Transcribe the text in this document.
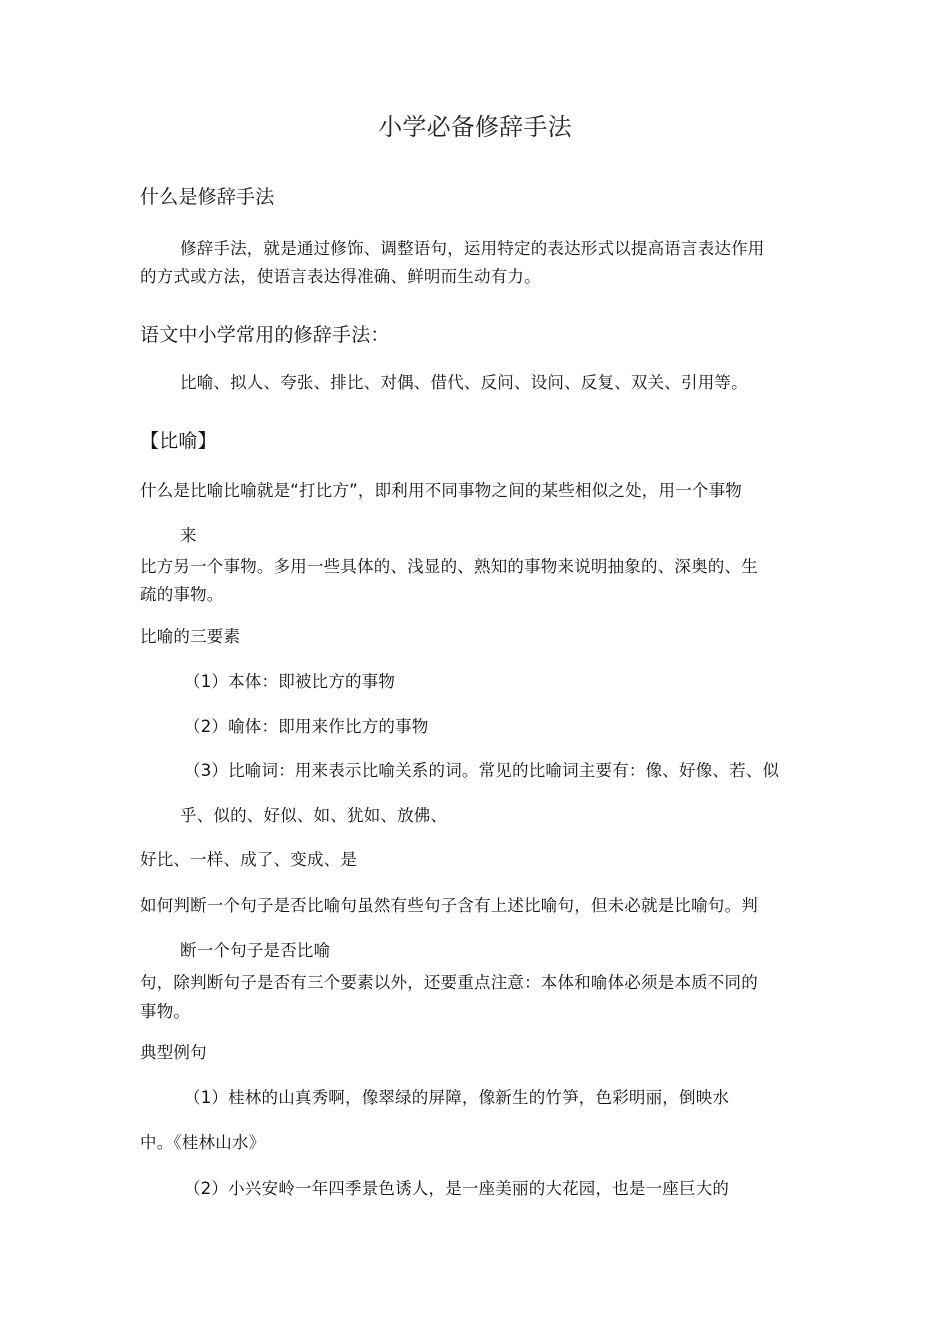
小学必备修辞手法
什么是修辞手法
修辞手法，就是通过修饰、调整语句，运用特定的表达形式以提高语言表达作用
的方式或方法，使语言表达得准确、鲜明而生动有力。
语文中小学常用的修辞手法：
比喻、拟人、夸张、排比、对偶、借代、反问、设问、反复、双关、引用等。
【比喻】
什么是比喻比喻就是“打比方”，即利用不同事物之间的某些相似之处，用一个事物
来
比方另一个事物。多用一些具体的、浅显的、熟知的事物来说明抽象的、深奥的、生
疏的事物。
比喻的三要素
（1）本体：即被比方的事物
（2）喻体：即用来作比方的事物
（3）比喻词：用来表示比喻关系的词。常见的比喻词主要有：像、好像、若、似
乎、似的、好似、如、犹如、放佛、
好比、一样、成了、变成、是
如何判断一个句子是否比喻句虽然有些句子含有上述比喻句，但未必就是比喻句。判
断一个句子是否比喻
句，除判断句子是否有三个要素以外，还要重点注意：本体和喻体必须是本质不同的
事物。
典型例句
（1）桂林的山真秀啊，像翠绿的屏障，像新生的竹笋，色彩明丽，倒映水
中。《桂林山水》
（2）小兴安岭一年四季景色诱人，是一座美丽的大花园，也是一座巨大的
